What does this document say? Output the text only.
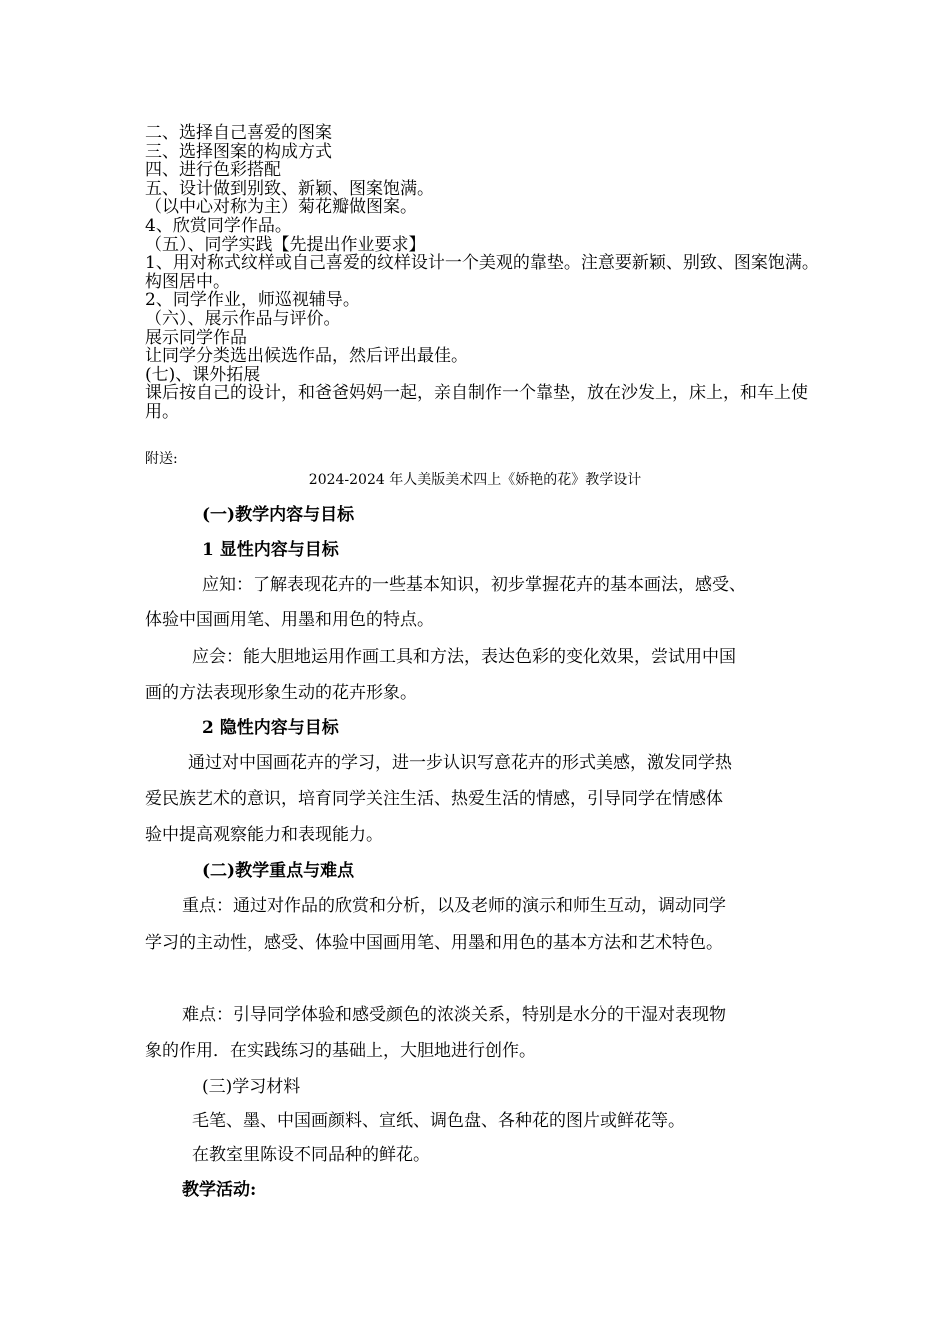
二、选择自己喜爱的图案
三、选择图案的构成方式
四、进行色彩搭配
五、设计做到别致、新颖、图案饱满。
（以中心对称为主）菊花瓣做图案。
4、欣赏同学作品。
（五）、同学实践【先提出作业要求】
1、用对称式纹样或自己喜爱的纹样设计一个美观的靠垫。注意要新颖、别致、图案饱满。构图居中。
2、同学作业，师巡视辅导。
（六）、展示作品与评价。
展示同学作品
让同学分类选出候选作品，然后评出最佳。
(七)、课外拓展
课后按自己的设计，和爸爸妈妈一起，亲自制作一个靠垫，放在沙发上，床上，和车上使用。
附送:
2024-2024 年人美版美术四上《娇艳的花》教学设计
(一)教学内容与目标
1 显性内容与目标
应知：了解表现花卉的一些基本知识，初步掌握花卉的基本画法，感受、
体验中国画用笔、用墨和用色的特点。
应会：能大胆地运用作画工具和方法，表达色彩的变化效果，尝试用中国
画的方法表现形象生动的花卉形象。
2 隐性内容与目标
通过对中国画花卉的学习，进一步认识写意花卉的形式美感，激发同学热
爱民族艺术的意识，培育同学关注生活、热爱生活的情感，引导同学在情感体
验中提高观察能力和表现能力。
(二)教学重点与难点
重点：通过对作品的欣赏和分析，以及老师的演示和师生互动，调动同学
学习的主动性，感受、体验中国画用笔、用墨和用色的基本方法和艺术特色。
难点：引导同学体验和感受颜色的浓淡关系，特别是水分的干湿对表现物
象的作用．在实践练习的基础上，大胆地进行创作。
(三)学习材料
毛笔、墨、中国画颜料、宣纸、调色盘、各种花的图片或鲜花等。
在教室里陈设不同品种的鲜花。
教学活动:
